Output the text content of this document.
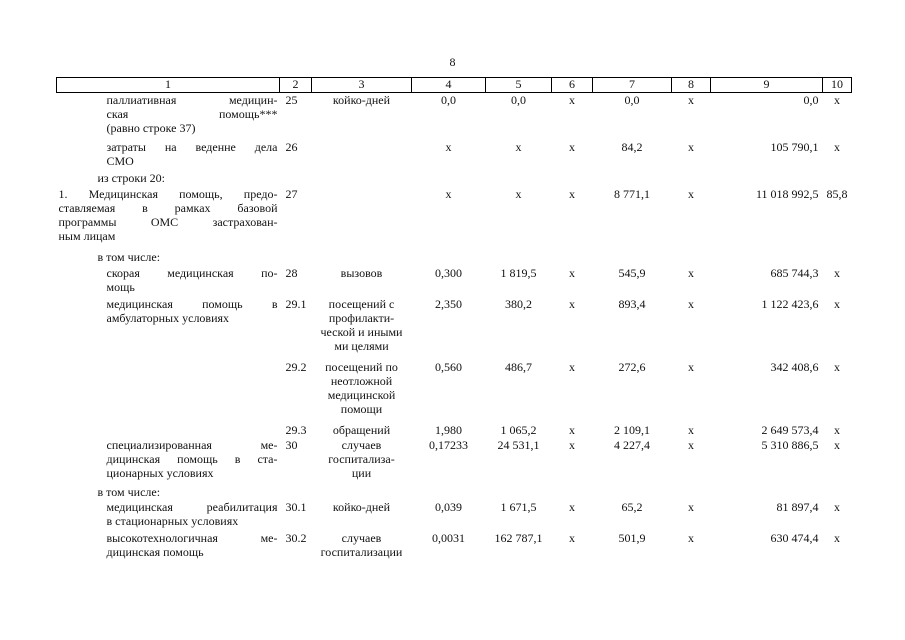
8
1	2	3	4	5	6	7	8	9	10

паллиативная медицин-
ская помощь***
(равно строке 37)	25	койко-дней	0,0	0,0	х	0,0	х	0,0	х

затраты на веденне дела
СМО	26		х	х	х	84,2	х	105 790,1	х

из строки 20:									

1. Медицинская помощь, предо-
ставляемая в рамках базовой
программы ОМС застрахован-
ным лицам	27		х	х	х	8 771,1	х	11 018 992,5	85,8

в том числе:									

скорая медицинская по-
мощь	28	вызовов	0,300	1 819,5	х	545,9	х	685 744,3	х

медицинская помощь в
амбулаторных условиях	29.1	посещений с
профилакти-
ческой и иными
ми целями	2,350	380,2	х	893,4	х	1 122 423,6	х

	29.2	посещений по
неотложной
медицинской
помощи	0,560	486,7	х	272,6	х	342 408,6	х

	29.3	обращений	1,980	1 065,2	х	2 109,1	х	2 649 573,4	х

специализированная ме-
дицинская помощь в ста-
ционарных условиях	30	случаев
госпитализа-
ции	0,17233	24 531,1	х	4 227,4	х	5 310 886,5	х

в том числе:									

медицинская реабилитация
в стационарных условиях	30.1	койко-дней	0,039	1 671,5	х	65,2	х	81 897,4	х

высокотехнологичная ме-
дицинская помощь	30.2	случаев
госпитализации	0,0031	162 787,1	х	501,9	х	630 474,4	х
